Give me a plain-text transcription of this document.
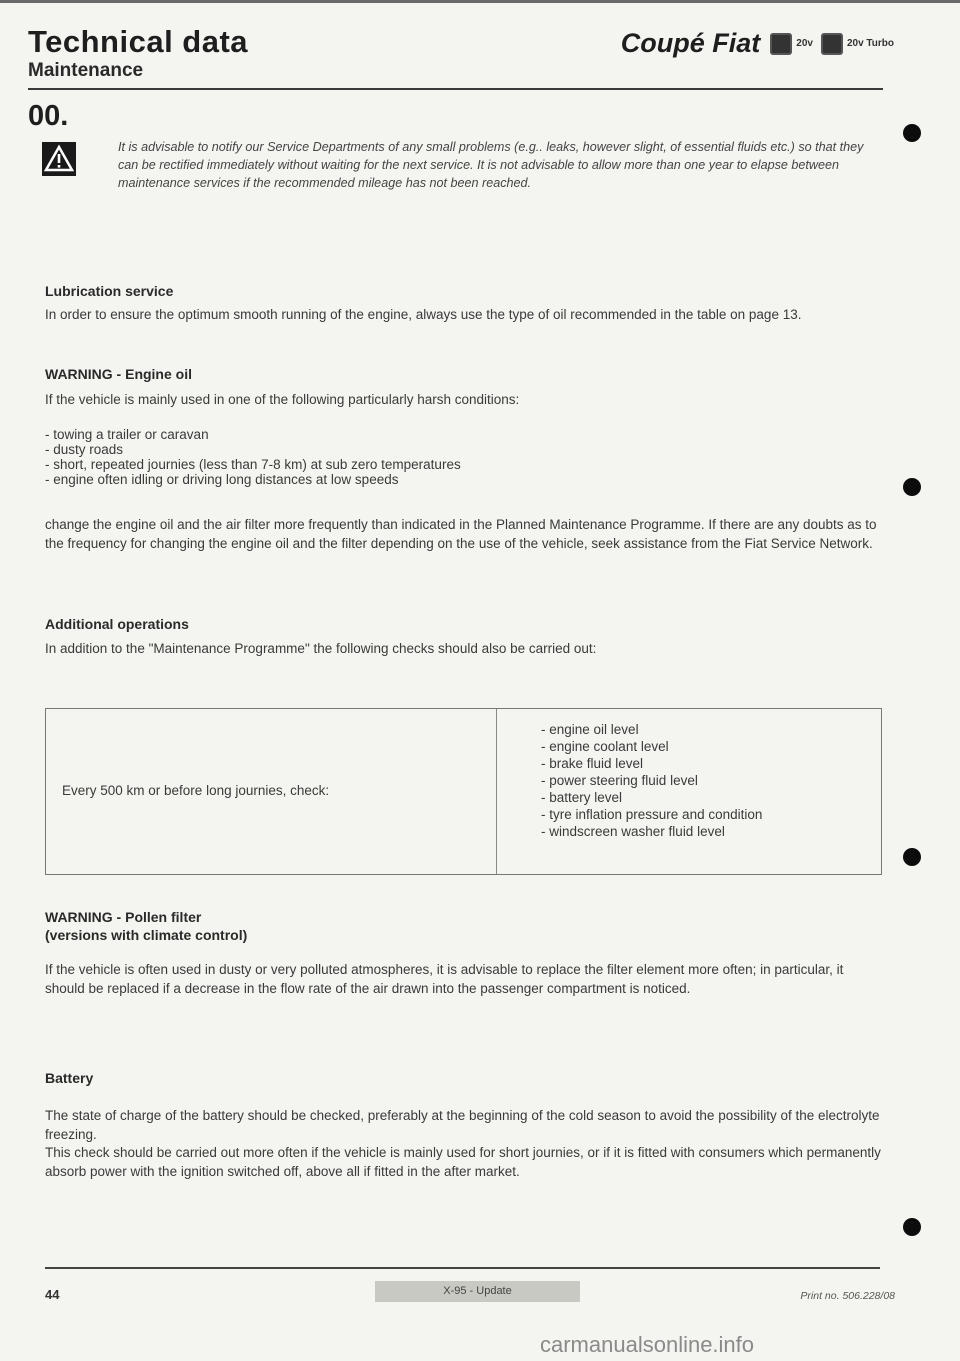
Technical data
Maintenance
Coupé Fiat	20v	20v Turbo
00.
It is advisable to notify our Service Departments of any small problems (e.g.. leaks, however slight, of essential fluids etc.) so that they can be rectified immediately without waiting for the next service. It is not advisable to allow more than one year to elapse between maintenance services if the recommended mileage has not been reached.
Lubrication service
In order to ensure the optimum smooth running of the engine, always use the type of oil recommended in the table on page 13.
WARNING - Engine oil
If the vehicle is mainly used in one of the following particularly harsh conditions:
- towing a trailer or caravan
- dusty roads
- short, repeated journies (less than 7-8 km) at sub zero temperatures
- engine often idling or driving long distances at low speeds
change the engine oil and the air filter more frequently than indicated in the Planned Maintenance Programme. If there are any doubts as to the frequency for changing the engine oil and the filter depending on the use of the vehicle, seek assistance from the Fiat Service Network.
Additional operations
In addition to the "Maintenance Programme" the following checks should also be carried out:
Every 500 km or before long journies, check:
- engine oil level
- engine coolant level
- brake fluid level
- power steering fluid level
- battery level
- tyre inflation pressure and condition
- windscreen washer fluid level
WARNING - Pollen filter
(versions with climate control)
If the vehicle is often used in dusty or very polluted atmospheres, it is advisable to replace the filter element more often; in particular, it should be replaced if a decrease in the flow rate of the air drawn into the passenger compartment is noticed.
Battery
The state of charge of the battery should be checked, preferably at the beginning of the cold season to avoid the possibility of the electrolyte freezing.
This check should be carried out more often if the vehicle is mainly used for short journies, or if it is fitted with consumers which permanently absorb power with the ignition switched off, above all if fitted in the after market.
44	X-95 - Update	Print no. 506.228/08
carmanualsonline.info
